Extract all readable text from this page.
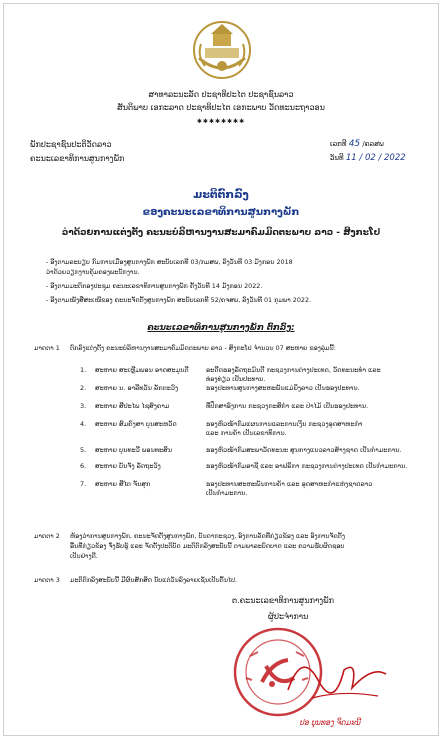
ສາທາລະນະລັດ ປະຊາທິປະໄຕ ປະຊາຊົນລາວ
ສັນຕິພາບ ເອກະລາດ ປະຊາທິປະໄຕ ເອກະພາບ ວັດທະນະຖາວອນ
✱✱✱✱✱✱✱✱
ພັກປະຊາຊົນປະຕິວັດລາວ
ຄະນະເລຂາທິການສູນກາງພັກ
ເລກທີ 45 /ຄລສພ
ວັນທີ 11 / 02 / 2022
ມະຕິຕົກລົງ
ຂອງຄະນະເລຂາທິການສູນກາງພັກ
ວ່າດ້ວຍການແຕ່ງຕັ້ງ ຄະນະບໍລິຫານງານສະມາຄົມມິດຕະພາບ ລາວ - ສິງກະໂປ
- ອີງຕາມລະບຽບ ກົມການເມືອງສູນກາງພັກ ສະບັບເລກທີ 03/ກມສພ, ລົງວັນທີ 03 ມັງກອນ 2018
ວ່າດ້ວຍວຽກງານຄຸ້ມຄອງພະນັກງານ.
- ອີງຕາມມະຕິກອງປະຊຸມ ຄະນະເລຂາທິການສູນກາງພັກ ຄັ້ງວັນທີ 14 ມັງກອນ 2022.
- ອີງຕາມໜັງສືສະເໜີຂອງ ຄະນະຈັດຕັ້ງສູນກາງພັກ ສະບັບເລກທີ 52/ຄຈສພ, ລົງວັນທີ 01 ກຸມພາ 2022.
ຄະນະເລຂາທິການສູນກາງພັກ ຕົກລົງ:
ມາດຕາ 1 ຕົກລົງແຕ່ງຕັ້ງ ຄະນະບໍລິຫານງານສະມາຄົມມິດຕະພາບ ລາວ - ສິງກະໂປ ຈຳນວນ 07 ສະຫາຍ ຂອງລຸ່ມນີ້:
1. ສະຫາຍ ສະເຫຼີມພອນ ອາດສະມຸນຕີ	ອະດີດຮອງລັດຖະມົນຕີ ກະຊວງການຕ່າງປະເທດ, ວັດທະນະທຳ ແລະ
ທ່ອງທ່ຽວ ເປັນປະທານ.
2. ສະຫາຍ ນ. ອາລີທວັນ ລັກຕະວົງ	ຮອງປະທານສູນກາງສະຫະພັນແມ່ຍິງລາວ ເປັນຮອງປະທານ.
3. ສະຫາຍ ສີປະໄພ ໄຊສົງຄາມ	ທີ່ປຶກສາອົງການ ກະຊວງກະສິກຳ ແລະ ປ່າໄມ້ ເປັນຮອງປະທານ.
4. ສະຫາຍ ສົມຄົງສາ ບຸນສະຫວັດ	ຮອງຫົວໜ້າກົມແຜນການແລະການເງິນ ກະຊວງອຸດສາຫະກຳ
ແລະ ການຄ້າ ເປັນເລຂາທິການ.
5. ສະຫາຍ ບຸນທະວີ ພອນທະສິນ	ຮອງຫົວໜ້າກົມສະພາວັດທະນະ ສູນກາງແນວລາວສ້າງຊາດ ເປັນກຳມະການ.
6. ສະຫາຍ ບັນຈັງ ລັດຖະວົງ	ຮອງຫົວໜ້າກົມອາຊີ ແລະ ອາຟຣິກາ ກະຊວງການຕ່າງປະເທດ ເປັນກຳມະການ.
7. ສະຫາຍ ສີໄຕ ຈັນສຸກ	ຮອງປະທານສະຫະພັນການຄ້າ ແລະ ອຸດສາຫະກຳແຫ່ງຊາດລາວ
ເປັນກຳມະການ.
ມາດຕາ 2 ຫ້ອງວ່າການສູນກາງພັກ, ຄະນະຈັດຕັ້ງສູນກາງພັກ, ບັນດາກະຊວງ, ອົງການລັດທີ່ກ່ຽວຂ້ອງ ແລະ ອົງການຈັດຕັ້ງ
ອື່ນທີ່ກ່ຽວຂ້ອງ ຈົ່ງຮັບຮູ້ ແລະ ຈັດຕັ້ງປະຕິບັດ ມະຕິຕົກລົງສະບັບນີ້ ຕາມພາລະບົດບາດ ແລະ ຄວາມຮັບຜິດຊອບ
ເປັນຢ່າງດີ.
ມາດຕາ 3 ມະຕິຕົກລົງສະບັບນີ້ ມີຜົນສັກສິດ ນັບແຕ່ວັນລົງລາຍເຊັນເປັນຕົ້ນໄປ.
ຕ.ຄະນະເລຂາທິການສູນກາງພັກ
ຜູ້ປະຈຳການ
ປອ ບຸນທອງ ຈິດມະນີ
